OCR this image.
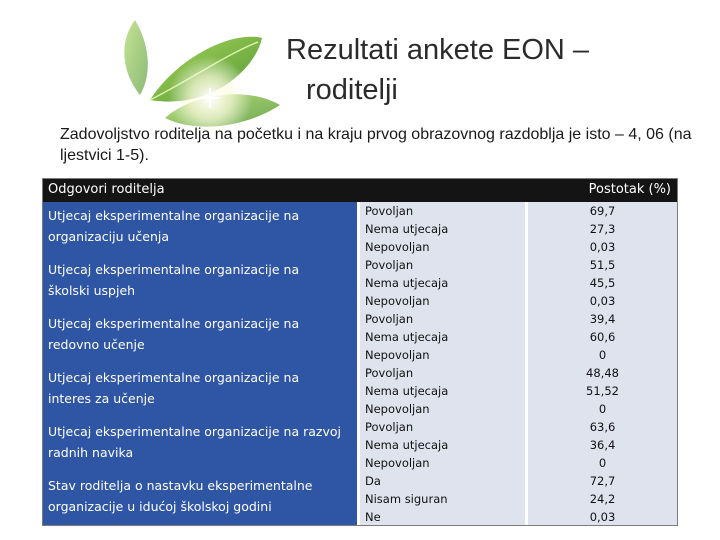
Rezultati ankete EON –
roditelji
Zadovoljstvo roditelja na početku i na kraju prvog obrazovnog razdoblja je isto – 4, 06 (na ljestvici 1-5).
Odgovori roditelja	Postotak (%)
Utjecaj eksperimentalne organizacije na
organizaciju učenja
Utjecaj eksperimentalne organizacije na
školski uspjeh
Utjecaj eksperimentalne organizacije na
redovno učenje
Utjecaj eksperimentalne organizacije na
interes za učenje
Utjecaj eksperimentalne organizacije na razvoj
radnih navika
Stav roditelja o nastavku eksperimentalne
organizacije u idućoj školskoj godini
Povoljan
Nema utjecaja
Nepovoljan
Povoljan
Nema utjecaja
Nepovoljan
Povoljan
Nema utjecaja
Nepovoljan
Povoljan
Nema utjecaja
Nepovoljan
Povoljan
Nema utjecaja
Nepovoljan
Da
Nisam siguran
Ne
69,7
27,3
0,03
51,5
45,5
0,03
39,4
60,6
0
48,48
51,52
0
63,6
36,4
0
72,7
24,2
0,03
